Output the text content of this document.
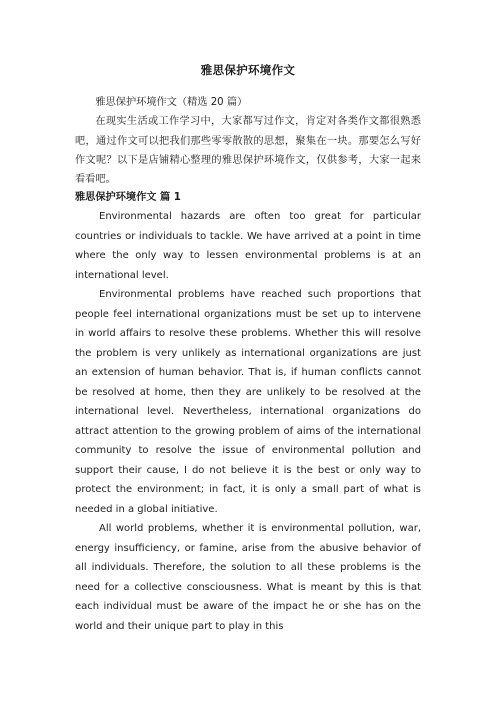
雅思保护环境作文

雅思保护环境作文（精选 20 篇）

在现实生活或工作学习中，大家都写过作文，肯定对各类作文都很熟悉吧，通过作文可以把我们那些零零散散的思想，聚集在一块。那要怎么写好作文呢？以下是店铺精心整理的雅思保护环境作文，仅供参考，大家一起来看看吧。

雅思保护环境作文 篇 1

Environmental hazards are often too great for particular countries or individuals to tackle. We have arrived at a point in time where the only way to lessen environmental problems is at an international level.

Environmental problems have reached such proportions that people feel international organizations must be set up to intervene in world affairs to resolve these problems. Whether this will resolve the problem is very unlikely as international organizations are just an extension of human behavior. That is, if human conflicts cannot be resolved at home, then they are unlikely to be resolved at the international level. Nevertheless, international organizations do attract attention to the growing problem of aims of the international community to resolve the issue of environmental pollution and support their cause, I do not believe it is the best or only way to protect the environment; in fact, it is only a small part of what is needed in a global initiative.

All world problems, whether it is environmental pollution, war, energy insufficiency, or famine, arise from the abusive behavior of all individuals. Therefore, the solution to all these problems is the need for a collective consciousness. What is meant by this is that each individual must be aware of the impact he or she has on the world and their unique part to play in this
